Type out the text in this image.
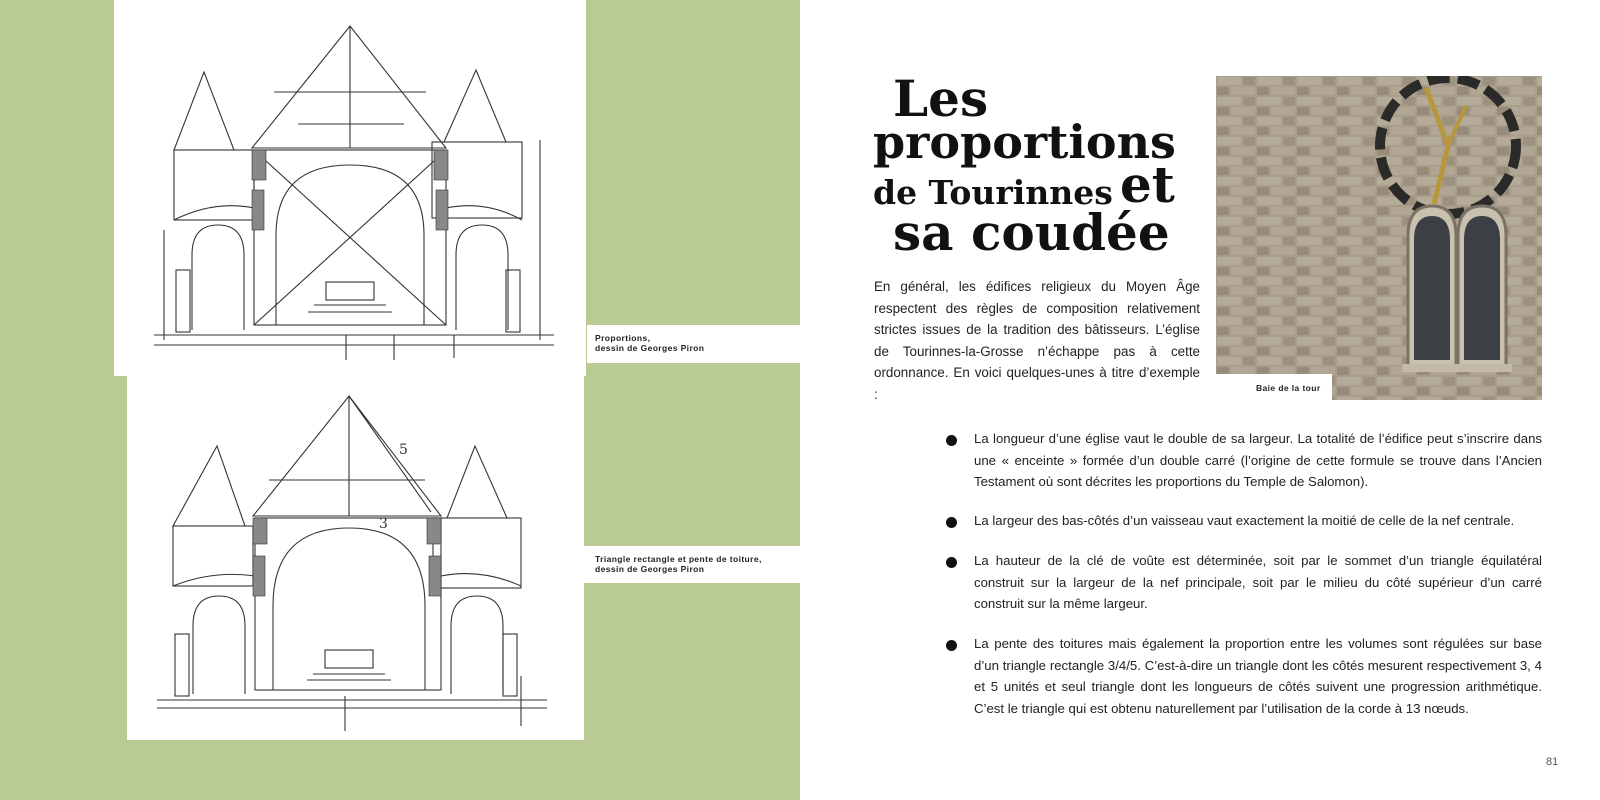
Proportions,
dessin de Georges Piron
5
3
Triangle rectangle et pente de toiture,
dessin de Georges Piron
Les
proportions
de Tourinnes et
sa coudée
En général, les édifices religieux du Moyen Âge respectent des règles de composition relativement strictes issues de la tradition des bâtisseurs. L’église de Tourinnes-la-Grosse n’échappe pas à cette ordonnance. En voici quelques-unes à titre d’exemple :	Baie de la tour
La longueur d’une église vaut le double de sa largeur. La totalité de l’édifice peut s’inscrire dans une « enceinte » formée d’un double carré (l’origine de cette formule se trouve dans l’Ancien Testament où sont décrites les proportions du Temple de Salomon).
La largeur des bas-côtés d’un vaisseau vaut exactement la moitié de celle de la nef centrale.
La hauteur de la clé de voûte est déterminée, soit par le sommet d’un triangle équilatéral construit sur la largeur de la nef principale, soit par le milieu du côté supérieur d’un carré construit sur la même largeur.
La pente des toitures mais également la proportion entre les volumes sont régulées sur base d’un triangle rectangle 3/4/5. C’est-à-dire un triangle dont les côtés mesurent respectivement 3, 4 et 5 unités et seul triangle dont les longueurs de côtés suivent une progression arithmétique. C’est le triangle qui est obtenu naturellement par l’utilisation de la corde à 13 nœuds.
81
